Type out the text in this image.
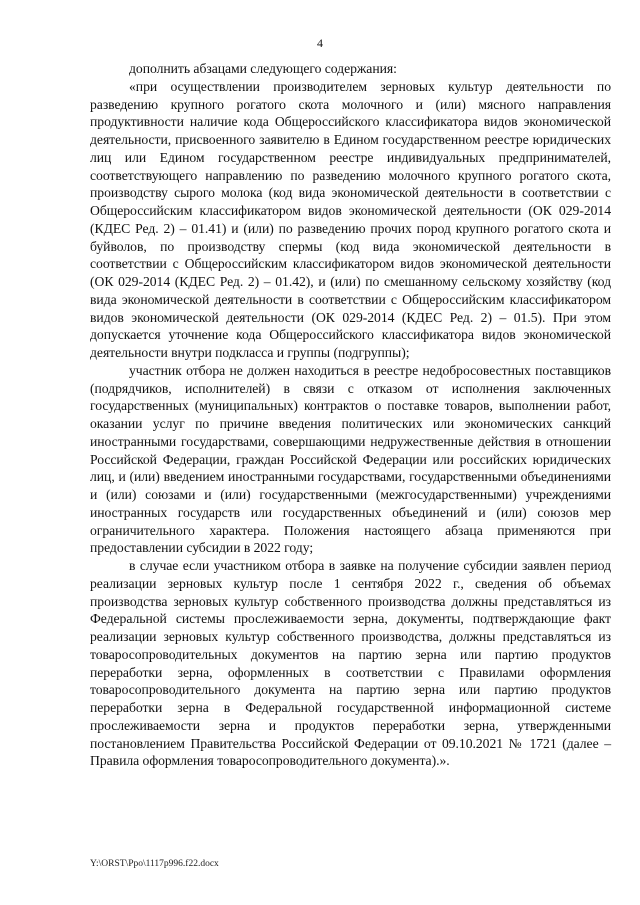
4

дополнить абзацами следующего содержания:

«при осуществлении производителем зерновых культур деятельности по разведению крупного рогатого скота молочного и (или) мясного направления продуктивности наличие кода Общероссийского классификатора видов экономической деятельности, присвоенного заявителю в Едином государственном реестре юридических лиц или Едином государственном реестре индивидуальных предпринимателей, соответствующего направлению по разведению молочного крупного рогатого скота, производству сырого молока (код вида экономической деятельности в соответствии с Общероссийским классификатором видов экономической деятельности (ОК 029-2014 (КДЕС Ред. 2) – 01.41) и (или) по разведению прочих пород крупного рогатого скота и буйволов, по производству спермы (код вида экономической деятельности в соответствии с Общероссийским классификатором видов экономической деятельности (ОК 029-2014 (КДЕС Ред. 2) – 01.42), и (или) по смешанному сельскому хозяйству (код вида экономической деятельности в соответствии с Общероссийским классификатором видов экономической деятельности (ОК 029-2014 (КДЕС Ред. 2) – 01.5). При этом допускается уточнение кода Общероссийского классификатора видов экономической деятельности внутри подкласса и группы (подгруппы);

участник отбора не должен находиться в реестре недобросовестных поставщиков (подрядчиков, исполнителей) в связи с отказом от исполнения заключенных государственных (муниципальных) контрактов о поставке товаров, выполнении работ, оказании услуг по причине введения политических или экономических санкций иностранными государствами, совершающими недружественные действия в отношении Российской Федерации, граждан Российской Федерации или российских юридических лиц, и (или) введением иностранными государствами, государственными объединениями и (или) союзами и (или) государственными (межгосударственными) учреждениями иностранных государств или государственных объединений и (или) союзов мер ограничительного характера. Положения настоящего абзаца применяются при предоставлении субсидии в 2022 году;

в случае если участником отбора в заявке на получение субсидии заявлен период реализации зерновых культур после 1 сентября 2022 г., сведения об объемах производства зерновых культур собственного производства должны представляться из Федеральной системы прослеживаемости зерна, документы, подтверждающие факт реализации зерновых культур собственного производства, должны представляться из товаросопроводительных документов на партию зерна или партию продуктов переработки зерна, оформленных в соответствии с Правилами оформления товаросопроводительного документа на партию зерна или партию продуктов переработки зерна в Федеральной государственной информационной системе прослеживаемости зерна и продуктов переработки зерна, утвержденными постановлением Правительства Российской Федерации от 09.10.2021 № 1721 (далее – Правила оформления товаросопроводительного документа).».

Y:\ORST\Ppo\1117p996.f22.docx
